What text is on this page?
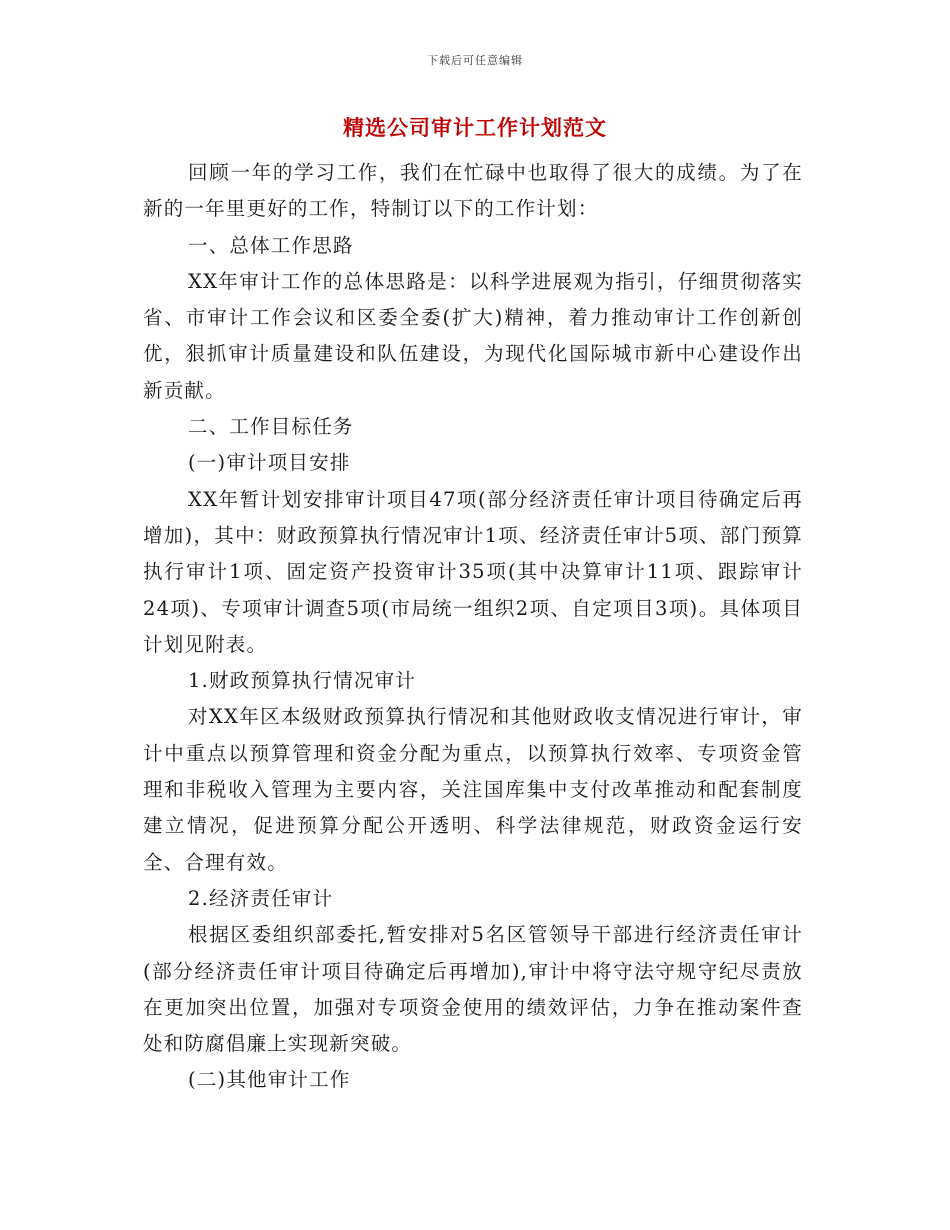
下载后可任意编辑
精选公司审计工作计划范文

回顾一年的学习工作，我们在忙碌中也取得了很大的成绩。为了在新的一年里更好的工作，特制订以下的工作计划：

一、总体工作思路

XX年审计工作的总体思路是：以科学进展观为指引，仔细贯彻落实省、市审计工作会议和区委全委(扩大)精神，着力推动审计工作创新创优，狠抓审计质量建设和队伍建设，为现代化国际城市新中心建设作出新贡献。

二、工作目标任务

(一)审计项目安排

XX年暂计划安排审计项目47项(部分经济责任审计项目待确定后再增加)，其中：财政预算执行情况审计1项、经济责任审计5项、部门预算执行审计1项、固定资产投资审计35项(其中决算审计11项、跟踪审计24项)、专项审计调查5项(市局统一组织2项、自定项目3项)。具体项目计划见附表。

1.财政预算执行情况审计

对XX年区本级财政预算执行情况和其他财政收支情况进行审计，审计中重点以预算管理和资金分配为重点，以预算执行效率、专项资金管理和非税收入管理为主要内容，关注国库集中支付改革推动和配套制度建立情况，促进预算分配公开透明、科学法律规范，财政资金运行安全、合理有效。

2.经济责任审计

根据区委组织部委托,暂安排对5名区管领导干部进行经济责任审计(部分经济责任审计项目待确定后再增加),审计中将守法守规守纪尽责放在更加突出位置，加强对专项资金使用的绩效评估，力争在推动案件查处和防腐倡廉上实现新突破。

(二)其他审计工作
